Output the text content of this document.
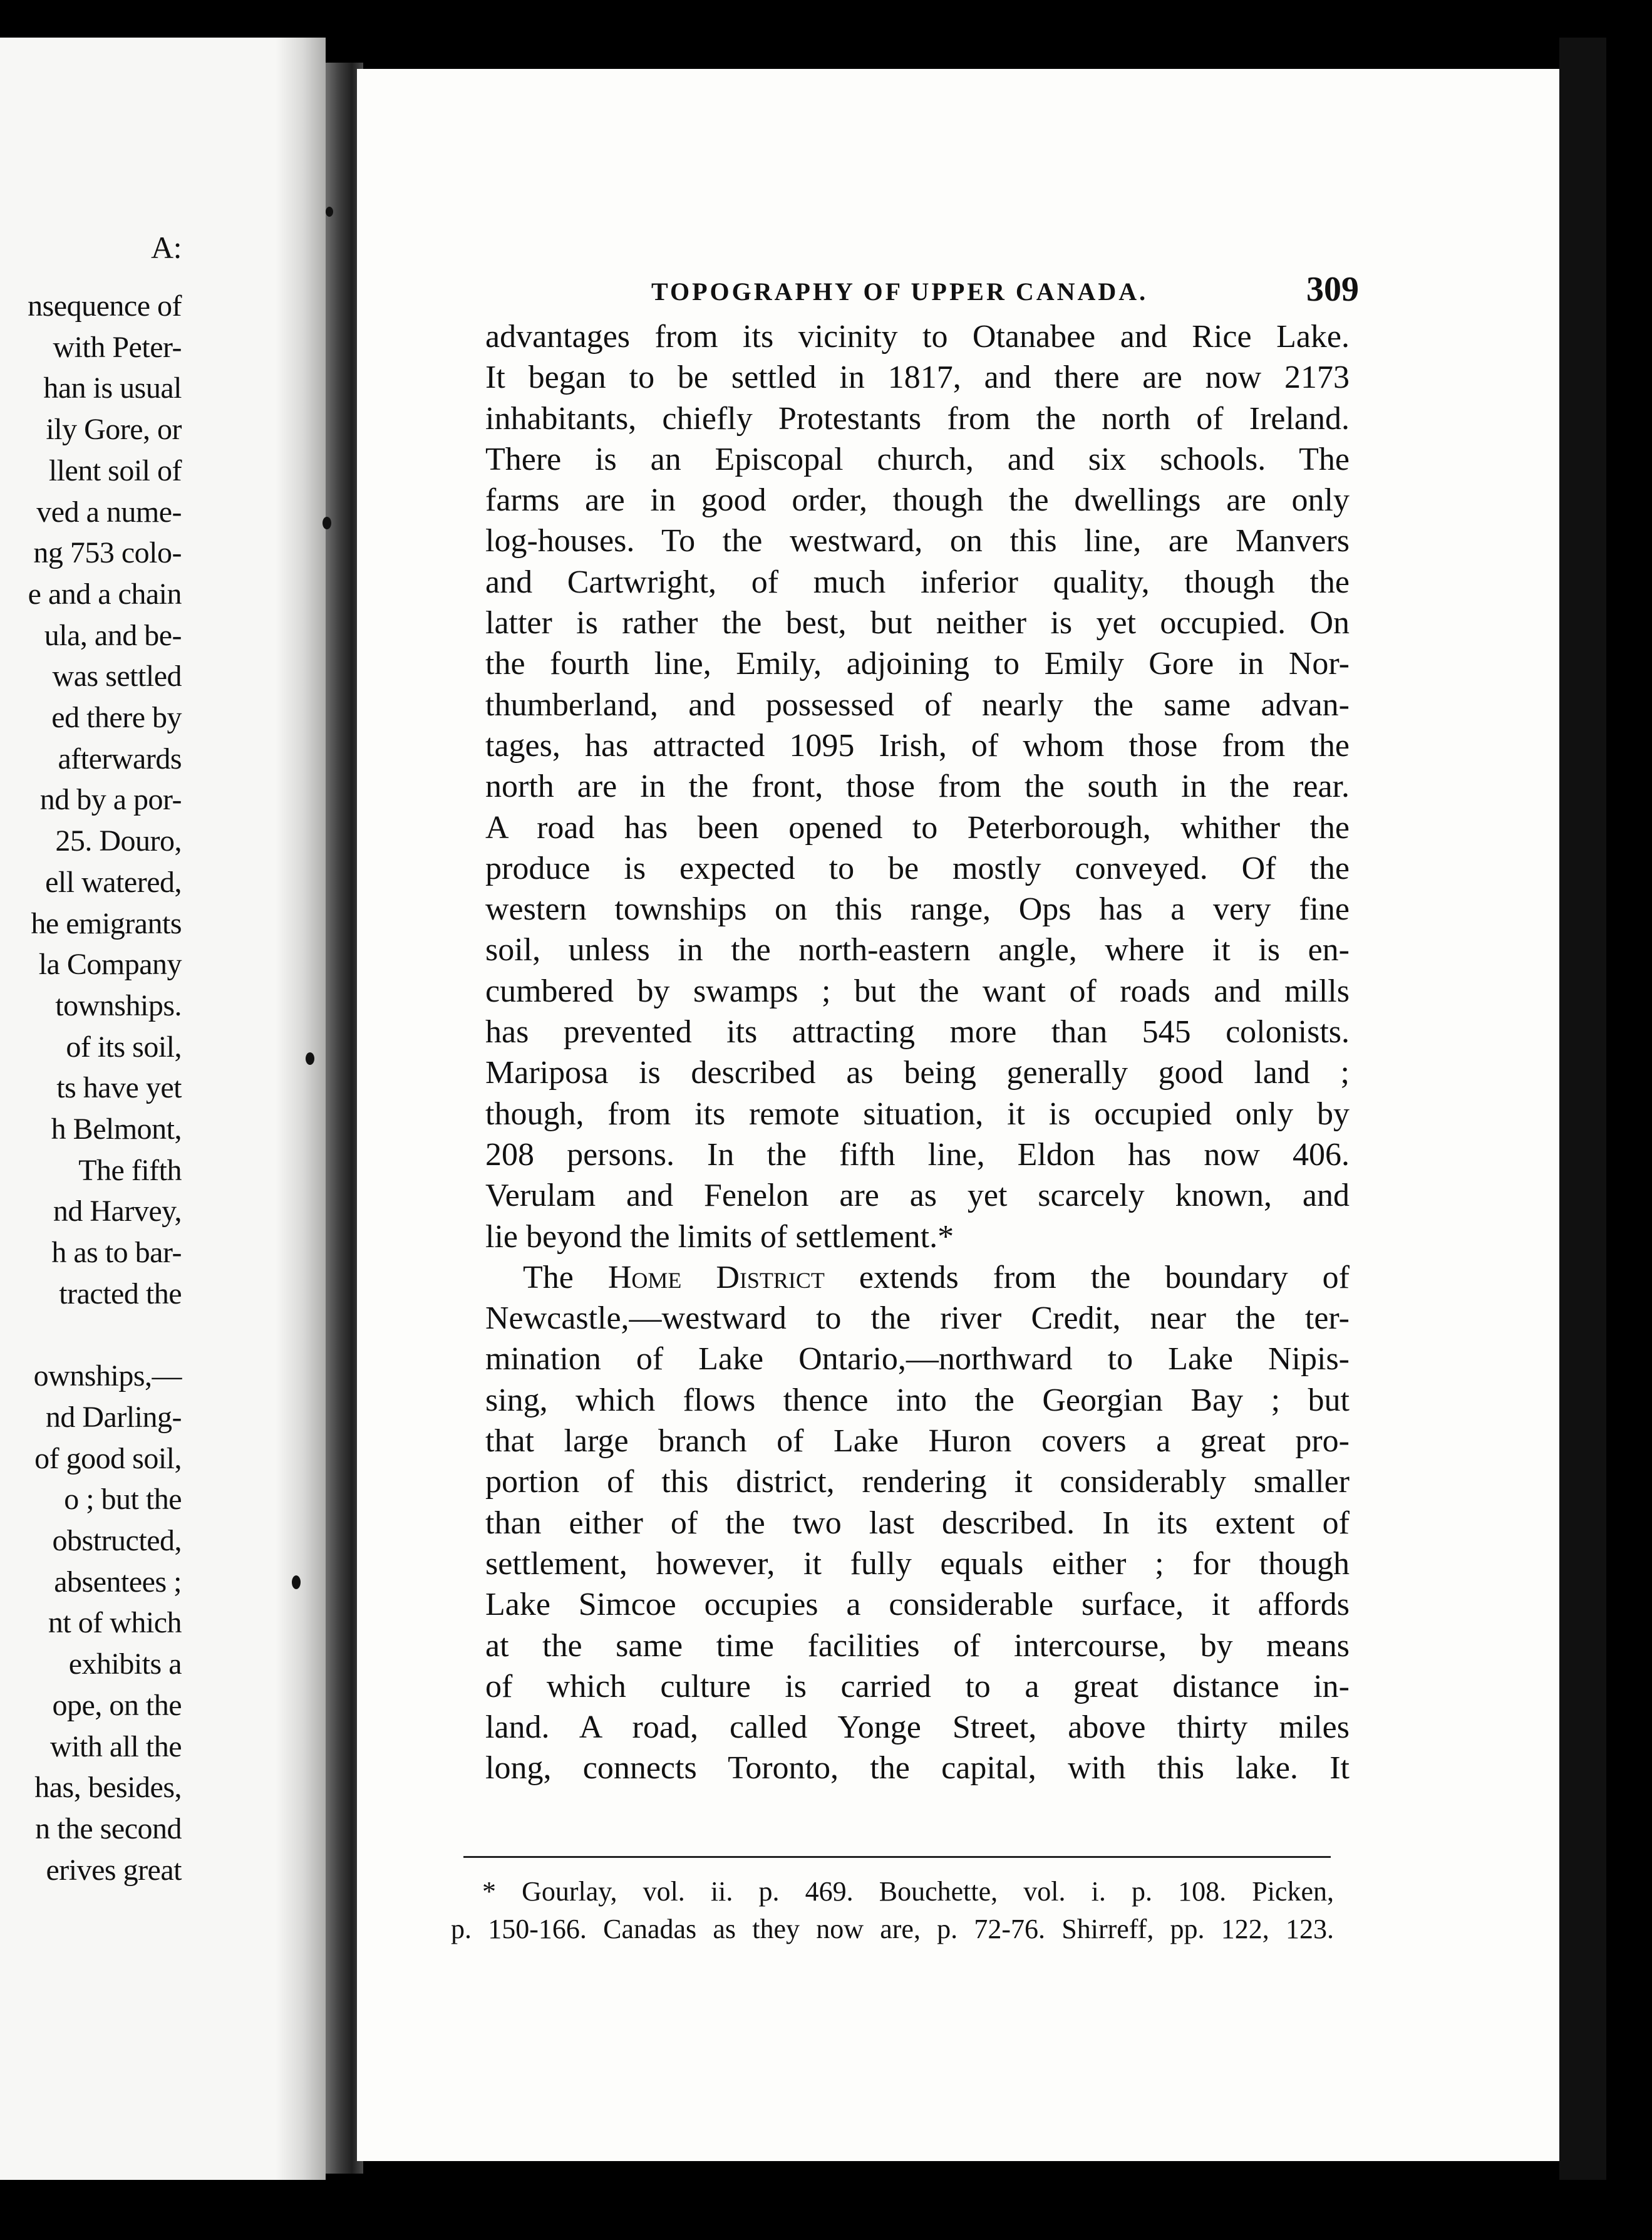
A:
nsequence of
with Peter-
han is usual
ily Gore, or
llent soil of
ved a nume-
ng 753 colo-
e and a chain
ula, and be-
was settled
ed there by
afterwards
nd by a por-
25. Douro,
ell watered,
he emigrants
la Company
townships.
of its soil,
ts have yet
h Belmont,
The fifth
nd Harvey,
h as to bar-
tracted the
ownships,—
nd Darling-
of good soil,
o ; but the
obstructed,
absentees ;
nt of which
exhibits a
ope, on the
with all the
has, besides,
n the second
erives great
TOPOGRAPHY OF UPPER CANADA.	309
advantages from its vicinity to Otanabee and Rice Lake.
It began to be settled in 1817, and there are now 2173
inhabitants, chiefly Protestants from the north of Ireland.
There is an Episcopal church, and six schools. The
farms are in good order, though the dwellings are only
log-houses. To the westward, on this line, are Manvers
and Cartwright, of much inferior quality, though the
latter is rather the best, but neither is yet occupied. On
the fourth line, Emily, adjoining to Emily Gore in Nor-
thumberland, and possessed of nearly the same advan-
tages, has attracted 1095 Irish, of whom those from the
north are in the front, those from the south in the rear.
A road has been opened to Peterborough, whither the
produce is expected to be mostly conveyed. Of the
western townships on this range, Ops has a very fine
soil, unless in the north-eastern angle, where it is en-
cumbered by swamps ; but the want of roads and mills
has prevented its attracting more than 545 colonists.
Mariposa is described as being generally good land ;
though, from its remote situation, it is occupied only by
208 persons. In the fifth line, Eldon has now 406.
Verulam and Fenelon are as yet scarcely known, and
lie beyond the limits of settlement.*
The Home District extends from the boundary of
Newcastle,—westward to the river Credit, near the ter-
mination of Lake Ontario,—northward to Lake Nipis-
sing, which flows thence into the Georgian Bay ; but
that large branch of Lake Huron covers a great pro-
portion of this district, rendering it considerably smaller
than either of the two last described. In its extent of
settlement, however, it fully equals either ; for though
Lake Simcoe occupies a considerable surface, it affords
at the same time facilities of intercourse, by means
of which culture is carried to a great distance in-
land. A road, called Yonge Street, above thirty miles
long, connects Toronto, the capital, with this lake. It
* Gourlay, vol. ii. p. 469. Bouchette, vol. i. p. 108. Picken,
p. 150-166. Canadas as they now are, p. 72-76. Shirreff, pp. 122, 123.
